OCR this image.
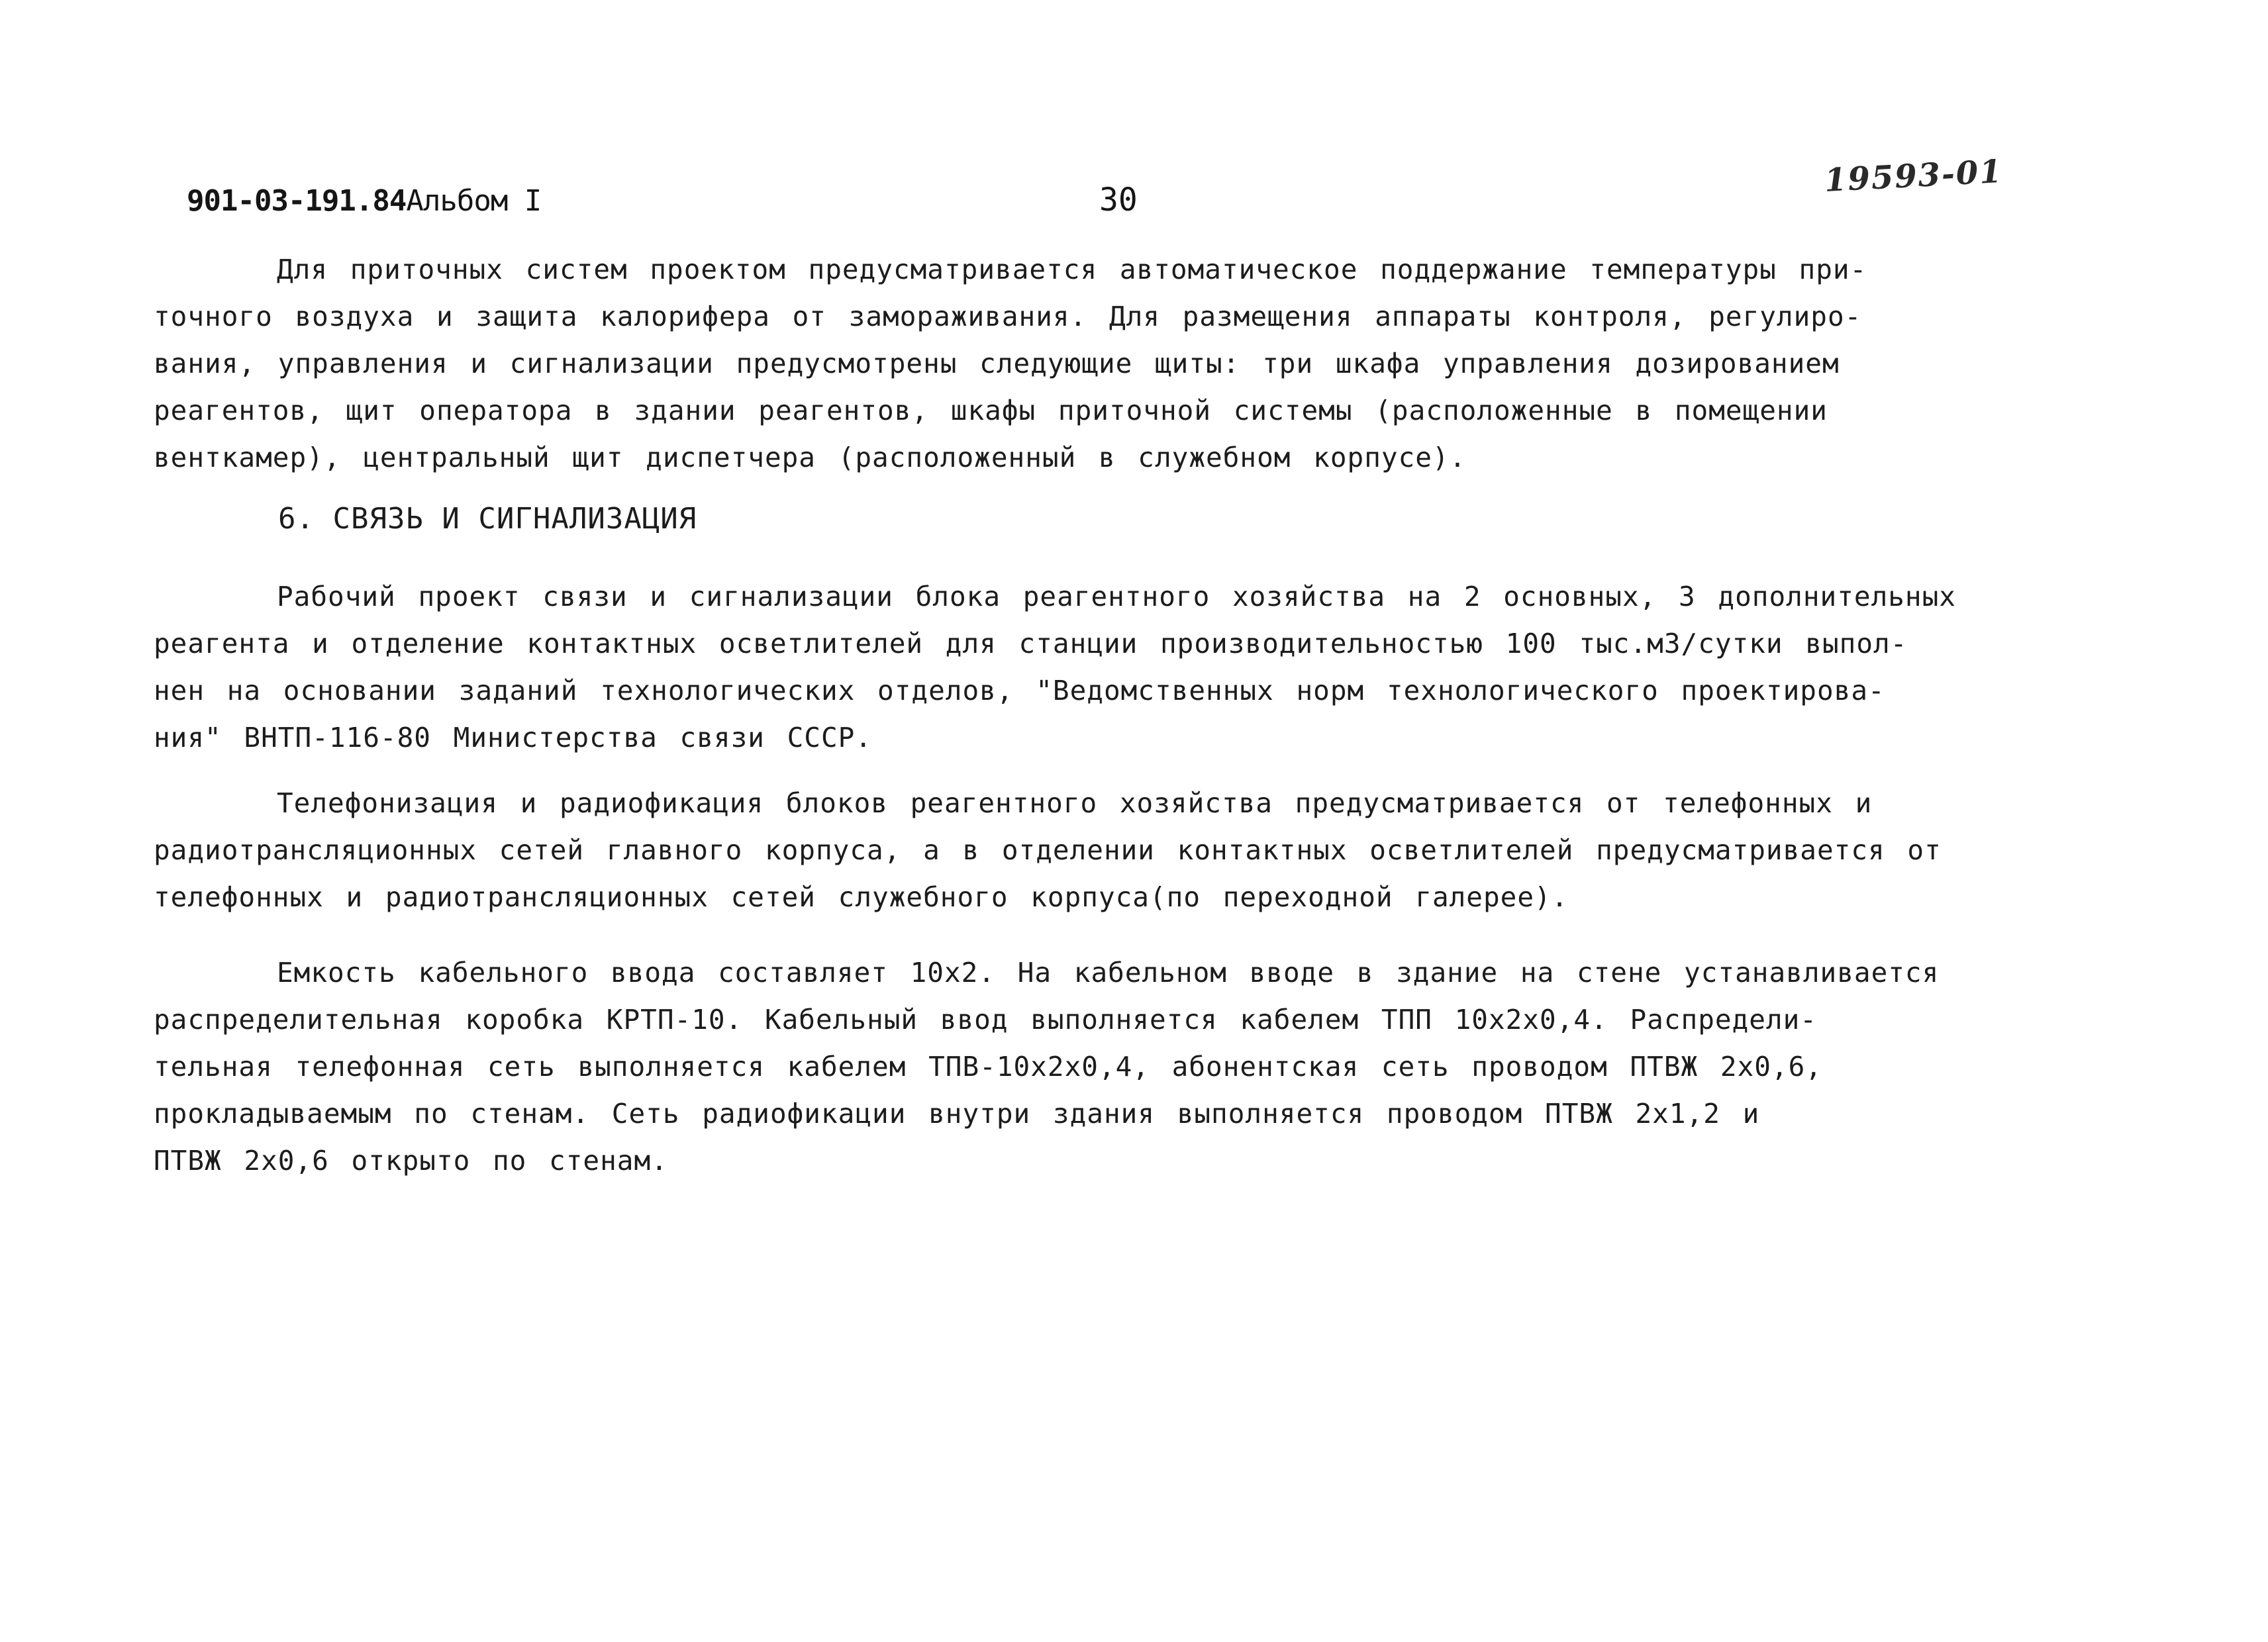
901-03-191.84Альбом I	30
19593-01
Для приточных систем проектом предусматривается автоматическое поддержание температуры при-
точного воздуха и защита калорифера от замораживания. Для размещения аппараты контроля, регулиро-
вания, управления и сигнализации предусмотрены следующие щиты: три шкафа управления дозированием
реагентов, щит оператора в здании реагентов, шкафы приточной системы (расположенные в помещении
венткамер), центральный щит диспетчера (расположенный в служебном корпусе).
6. СВЯЗЬ И СИГНАЛИЗАЦИЯ
Рабочий проект связи и сигнализации блока реагентного хозяйства на 2 основных, 3 дополнительных
реагента и отделение контактных осветлителей для станции производительностью 100 тыс.м3/сутки выпол-
нен на основании заданий технологических отделов, "Ведомственных норм технологического проектирова-
ния" ВНТП-116-80 Министерства связи СССР.
Телефонизация и радиофикация блоков реагентного хозяйства предусматривается от телефонных и
радиотрансляционных сетей главного корпуса, а в отделении контактных осветлителей предусматривается от
телефонных и радиотрансляционных сетей служебного корпуса(по переходной галерее).
Емкость кабельного ввода составляет 10x2. На кабельном вводе в здание на стене устанавливается
распределительная коробка КРТП-10. Кабельный ввод выполняется кабелем ТПП 10x2x0,4. Распредели-
тельная телефонная сеть выполняется кабелем ТПВ-10x2x0,4, абонентская сеть проводом ПТВЖ 2x0,6,
прокладываемым по стенам. Сеть радиофикации внутри здания выполняется проводом ПТВЖ 2x1,2 и
ПТВЖ 2x0,6 открыто по стенам.
